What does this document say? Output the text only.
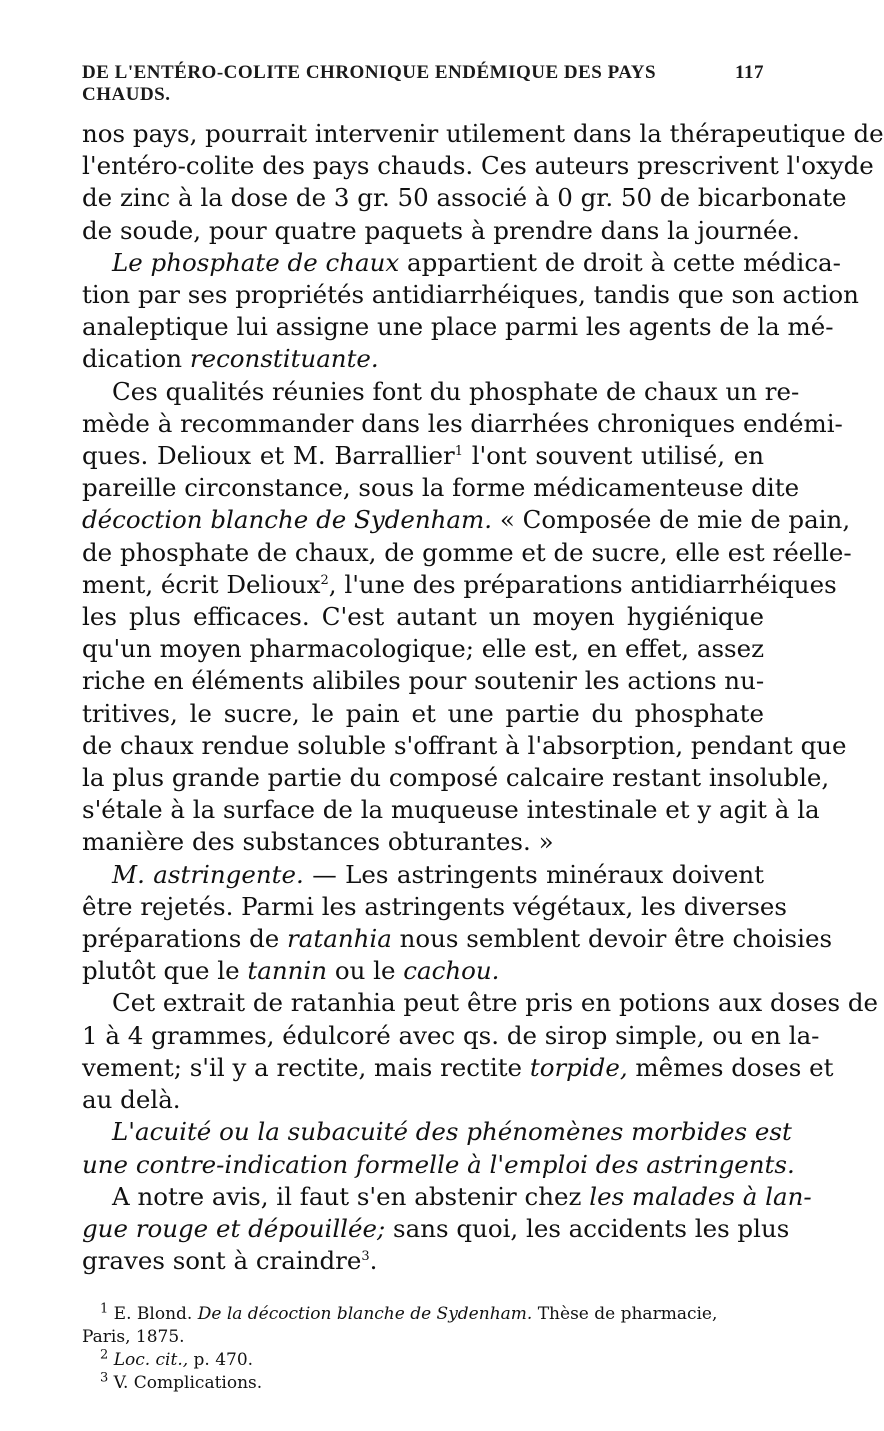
DE L'ENTÉRO-COLITE CHRONIQUE ENDÉMIQUE DES PAYS CHAUDS.
117
nos pays, pourrait intervenir utilement dans la thérapeutique de
l'entéro-colite des pays chauds. Ces auteurs prescrivent l'oxyde
de zinc à la dose de 3 gr. 50 associé à 0 gr. 50 de bicarbonate
de soude, pour quatre paquets à prendre dans la journée.
Le phosphate de chaux appartient de droit à cette médica-
tion par ses propriétés antidiarrhéiques, tandis que son action
analeptique lui assigne une place parmi les agents de la mé-
dication reconstituante.
Ces qualités réunies font du phosphate de chaux un re-
mède à recommander dans les diarrhées chroniques endémi-
ques. Delioux et M. Barrallier$^1$ l'ont souvent utilisé, en
pareille circonstance, sous la forme médicamenteuse dite
décoction blanche de Sydenham. « Composée de mie de pain,
de phosphate de chaux, de gomme et de sucre, elle est réelle-
ment, écrit Delioux$^2$, l'une des préparations antidiarrhéiques
les plus efficaces. C'est autant un moyen hygiénique
qu'un moyen pharmacologique; elle est, en effet, assez
riche en éléments alibiles pour soutenir les actions nu-
tritives, le sucre, le pain et une partie du phosphate
de chaux rendue soluble s'offrant à l'absorption, pendant que
la plus grande partie du composé calcaire restant insoluble,
s'étale à la surface de la muqueuse intestinale et y agit à la
manière des substances obturantes. »
M. astringente. — Les astringents minéraux doivent
être rejetés. Parmi les astringents végétaux, les diverses
préparations de ratanhia nous semblent devoir être choisies
plutôt que le tannin ou le cachou.
Cet extrait de ratanhia peut être pris en potions aux doses de
1 à 4 grammes, édulcoré avec qs. de sirop simple, ou en la-
vement; s'il y a rectite, mais rectite torpide, mêmes doses et
au delà.
L'acuité ou la subacuité des phénomènes morbides est
une contre-indication formelle à l'emploi des astringents.
A notre avis, il faut s'en abstenir chez les malades à lan-
gue rouge et dépouillée; sans quoi, les accidents les plus
graves sont à craindre$^3$.
$^1$ E. Blond. De la décoction blanche de Sydenham. Thèse de pharmacie,
Paris, 1875.
$^2$ Loc. cit., p. 470.
$^3$ V. Complications.
